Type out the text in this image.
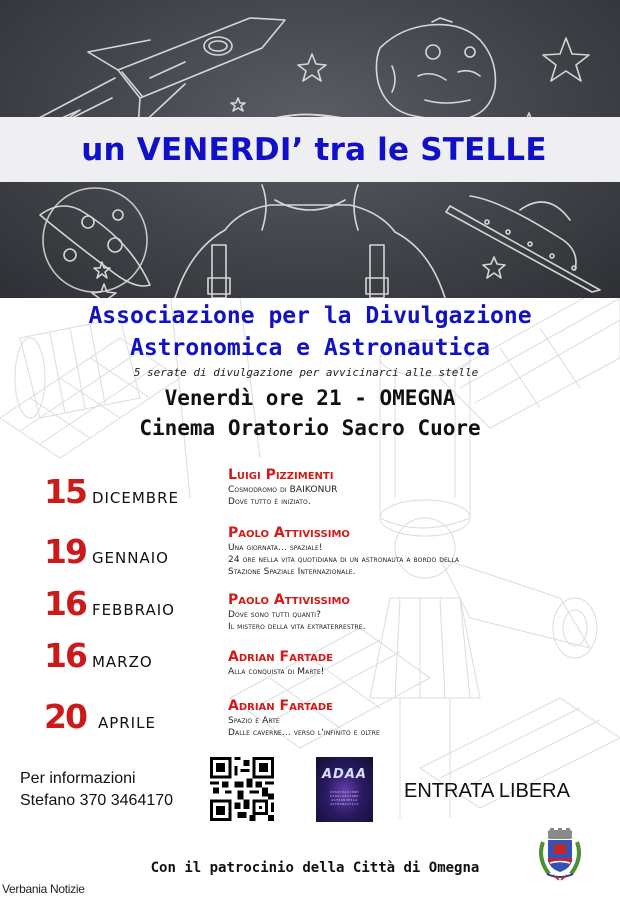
un VENERDI’ tra le STELLE
Associazione per la Divulgazione
Astronomica e Astronautica
5 serate di divulgazione per avvicinarci alle stelle
Venerdì ore 21 - OMEGNA
Cinema Oratorio Sacro Cuore
15 DICEMBRE
Luigi Pizzimenti
Cosmodromo di BAIKONUR
Dove tutto è iniziato.
19 GENNAIO
Paolo Attivissimo
Una giornata... spaziale!
24 ore nella vita quotidiana di un astronauta a bordo della
Stazione Spaziale Internazionale.
16 FEBBRAIO
Paolo Attivissimo
Dove sono tutti quanti?
Il mistero della vita extraterrestre.
16 MARZO	Adrian Fartade
Alla conquista di Marte!
20 APRILE
Adrian Fartade
Spazio e Arte
Dalle caverne... verso l'infinito e oltre
Per informazioni
Stefano 370 3464170
ADAA
ASSOCIAZIONE
DIVULGAZIONE
ASTRONOMICA
ASTRONAUTICA
ENTRATA LIBERA
Con il patrocinio della Città di Omegna
Verbania Notizie
